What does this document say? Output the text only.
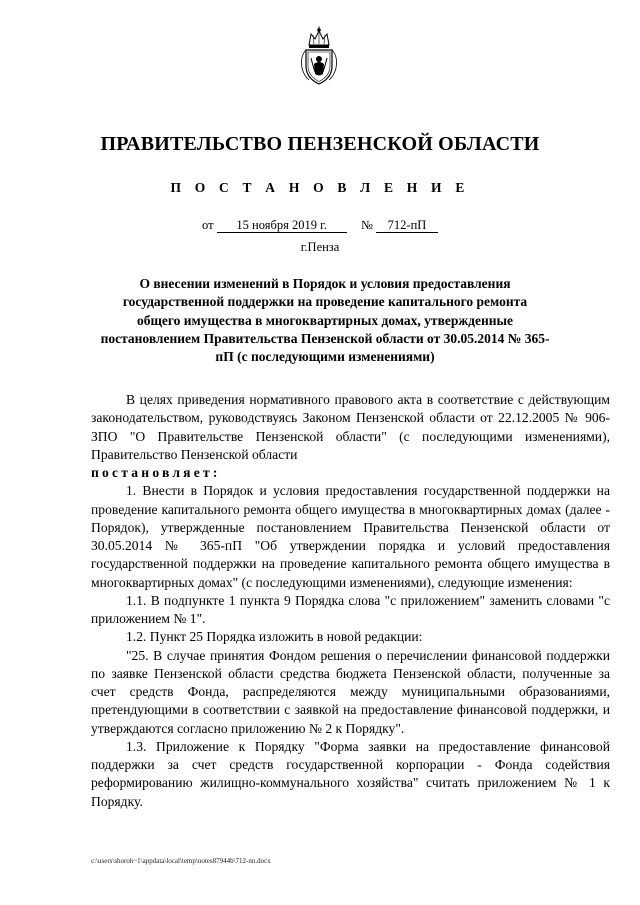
ПРАВИТЕЛЬСТВО ПЕНЗЕНСКОЙ ОБЛАСТИ
П О С Т А Н О В Л Е Н И Е
от 15 ноября 2019 г.	№ 712-пП
г.Пенза
О внесении изменений в Порядок и условия предоставления государственной поддержки на проведение капитального ремонта общего имущества в многоквартирных домах, утвержденные постановлением Правительства Пензенской области от 30.05.2014 № 365-пП (с последующими изменениями)

В целях приведения нормативного правового акта в соответствие с действующим законодательством, руководствуясь Законом Пензенской области от 22.12.2005 № 906-ЗПО "О Правительстве Пензенской области" (с последующими изменениями), Правительство Пензенской области

постановляет:

1. Внести в Порядок и условия предоставления государственной поддержки на проведение капитального ремонта общего имущества в многоквартирных домах (далее - Порядок), утвержденные постановлением Правительства Пензенской области от 30.05.2014 № 365-пП "Об утверждении порядка и условий предоставления государственной поддержки на проведение капитального ремонта общего имущества в многоквартирных домах" (с последующими изменениями), следующие изменения:

1.1. В подпункте 1 пункта 9 Порядка слова "с приложением" заменить словами "с приложением № 1".

1.2. Пункт 25 Порядка изложить в новой редакции:

"25. В случае принятия Фондом решения о перечислении финансовой поддержки по заявке Пензенской области средства бюджета Пензенской области, полученные за счет средств Фонда, распределяются между муниципальными образованиями, претендующими в соответствии с заявкой на предоставление финансовой поддержки, и утверждаются согласно приложению № 2 к Порядку".

1.3. Приложение к Порядку "Форма заявки на предоставление финансовой поддержки за счет средств государственной корпорации - Фонда содействия реформированию жилищно-коммунального хозяйства" считать приложением № 1 к Порядку.

c:\users\shoroh~1\appdata\local\temp\notes87944b\712-nn.docx
